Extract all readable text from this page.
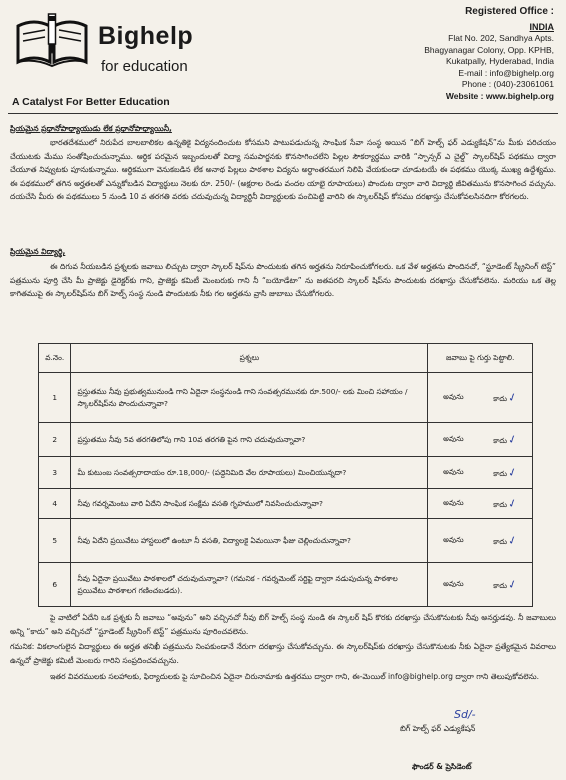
Bighelp
for education
A Catalyst For Better Education
Registered Office :
INDIA
Flat No. 202, Sandhya Apts.
Bhagyanagar Colony, Opp. KPHB,
Kukatpally, Hyderabad, India
E-mail : info@bighelp.org
Phone : (040)-23061061
Website : www.bighelp.org
ప్రియమైన ప్రధానోపాధ్యాయుడు లేక ప్రధానోపాధ్యాయినీ,
భారతదేశములో నిరుపేద బాలబాలికల ఉన్నతికై విద్యనందించుట కోసమని పాటుపడుచున్న సాంఘిక సేవా సంస్థ అయిన “బిగ్ హెల్ప్ ఫర్ ఎడ్యుకేషన్”ను మీకు పరిచయం చేయుటకు మేము సంతోషించుచున్నాము. ఆర్థిక పరమైన ఇబ్బందులతో విద్యా సమపార్జనకు కొనసాగించలేని పిల్లల సౌకర్యార్థము వారికి “స్పాన్సర్ ఎ చైల్డ్” స్కాలర్‌షిప్ పథకము ద్వారా చేయూత నివ్వుటకు పూనుకున్నాము. ఆర్థికముగా వెనుకబడిన లేక అనాథ పిల్లలు పాఠశాల విద్యను అర్థాంతరముగ నిలిపి వేయకుండా చూడుటయే ఈ పథకము యొక్క ముఖ్య ఉద్దేశ్యము. ఈ పథకములో తగిన అర్హతలతో ఎన్నుకోబడిన విద్యార్థులు నెలకు రూ. 250/- (అక్షరాల రెండు వందల యాభై రూపాయలు) పొందుట ద్వారా వారి విద్యార్థి జీవితమును కొనసాగించ వచ్చును. దయచేసి మీరు ఈ పథకములు 5 నుండి 10 వ తరగతి వరకు చదువుచున్న విద్యార్థినీ విద్యార్థులకు పంచిపెట్టి వారిని ఈ స్కాలర్‌షిప్ కోసము దరఖాస్తు చేసుకోవలసినదిగా కోరగలరు.
ప్రియమైన విద్యార్థి,
ఈ దిగువ నీయబడిన ప్రశ్నలకు జవాబు లిచ్చుట ద్వారా స్కాలర్ షిప్‌ను పొందుటకు తగిన అర్హతను నిరూపించుకోగలరు. ఒక వేళ అర్హతను పొందినచో, “స్టూడెంట్ స్క్రీనింగ్ టెస్ట్” పత్రమును పూర్తి చేసి మీ ప్రాజెక్టు డైరెక్టర్‌కు గాని, ప్రాజెక్టు కమిటీ మెంబరుకు గాని నీ “బయోడేటా” ను జతపరచి స్కాలర్ షిప్‌ను పొందుటకు దరఖాస్తు చేసుకోవలెను. మరియు ఒక తెల్ల కాగితముపై ఈ స్కాలర్‌షిప్‌ను బిగ్ హెల్ప్ సంస్థ నుండి పొందుటకు నీకు గల అర్హతను వ్రాసి జుబాబు చేసుకోగలరు.
వ.నెం.	ప్రశ్నలు	జవాబు పై గుర్తు పెట్టాలి.
1	ప్రస్తుతము నీవు ప్రభుత్వమునుండి గాని ఏదైనా సంస్థనుండి గాని సంవత్సరమునకు రూ.500/- లకు మించి సహాయం / స్కాలర్‌షిప్‌ను పొందుచున్నావా?	అవును కాదు✓

2	ప్రస్తుతము నీవు 5వ తరగతిలోపు గాని 10వ తరగతి పైన గాని చదువుచున్నావా?	అవును కాదు✓

3	మీ కుటుంబ సంవత్సరాదాయం రూ.18,000/- (పద్దెనిమిది వేల రూపాయలు) మించియున్నదా?	అవును కాదు✓

4	నీవు గవర్నమెంటు వారి ఏదేని సాంఘిక సంక్షేమ వసతి గృహములో నివసించుచున్నావా?	అవును కాదు✓

5	నీవు ఏదేని ప్రయివేటు హాస్టలులో ఉంటూ నీ వసతి, విద్యాలకై ఏమయినా ఫీజు చెల్లించుచున్నావా?	అవును కాదు✓

6	నీవు ఏదైనా ప్రయివేటు పాఠశాలలో చదువుచున్నావా? (గమనిక - గవర్నమెంట్ సర్టిఫై ద్వారా నడుపుచున్న పాఠశాల ప్రయివేటు పాఠశాలగ గణించబడదు).	అవును కాదు✓
పై వాటిలో ఏదేని ఒక ప్రశ్నకు నీ జవాబు “అవును” అని వచ్చినచో నీవు బిగ్ హెల్ప్ సంస్థ నుండి ఈ స్కాలర్ షిప్ కొరకు దరఖాస్తు చేసుకొనుటకు నీవు అనర్హుడవు. నీ జవాబులు అన్ని “కాదు” అని వచ్చినచో “స్టూడెంట్ స్క్రీనింగ్ టెస్ట్” పత్రమును పూరించవలెను.
గమనిక: వికలాంగులైన విద్యార్థులు ఈ అర్హత తనిఖీ పత్రమును నింపకుండానే నేరుగా దరఖాస్తు చేసుకోవచ్చును. ఈ స్కాలర్‌షిప్‌కు దరఖాస్తు చేసుకొనుటకు నీకు ఏదైనా ప్రత్యేకమైన వివరాలు ఉన్నచో ప్రాజెక్టు కమిటీ మెంబరు గారిని సంప్రదించవచ్చును.
ఇతర వివరములకు సలహాలకు, ఫిర్యాదులకు పై సూచించిన ఏదైనా చిరునామాకు ఉత్తరము ద్వారా గాని, ఈ-మెయిల్ info@bighelp.org ద్వారా గాని తెలుపుకోవలెను.
Sd/-
బిగ్ హెల్ప్ ఫర్ ఎడ్యుకేషన్
ఫౌండర్ & ప్రెసిడెంట్
